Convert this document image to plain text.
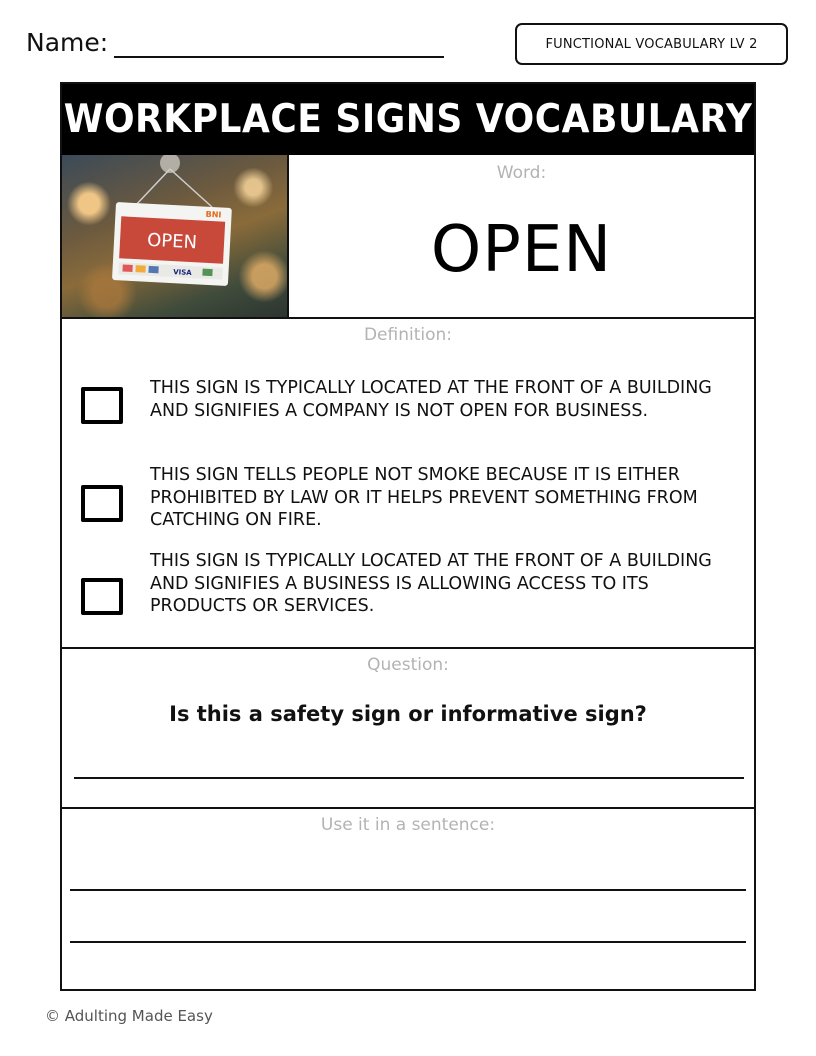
Name:	FUNCTIONAL VOCABULARY LV 2
WORKPLACE SIGNS VOCABULARY
OPEN
BNI
VISA
Word:
OPEN
Definition:
THIS SIGN IS TYPICALLY LOCATED AT THE FRONT OF A BUILDING AND SIGNIFIES A COMPANY IS NOT OPEN FOR BUSINESS.
THIS SIGN TELLS PEOPLE NOT SMOKE BECAUSE IT IS EITHER PROHIBITED BY LAW OR IT HELPS PREVENT SOMETHING FROM CATCHING ON FIRE.
THIS SIGN IS TYPICALLY LOCATED AT THE FRONT OF A BUILDING AND SIGNIFIES A BUSINESS IS ALLOWING ACCESS TO ITS PRODUCTS OR SERVICES.
Question:
Is this a safety sign or informative sign?
Use it in a sentence:
© Adulting Made Easy
